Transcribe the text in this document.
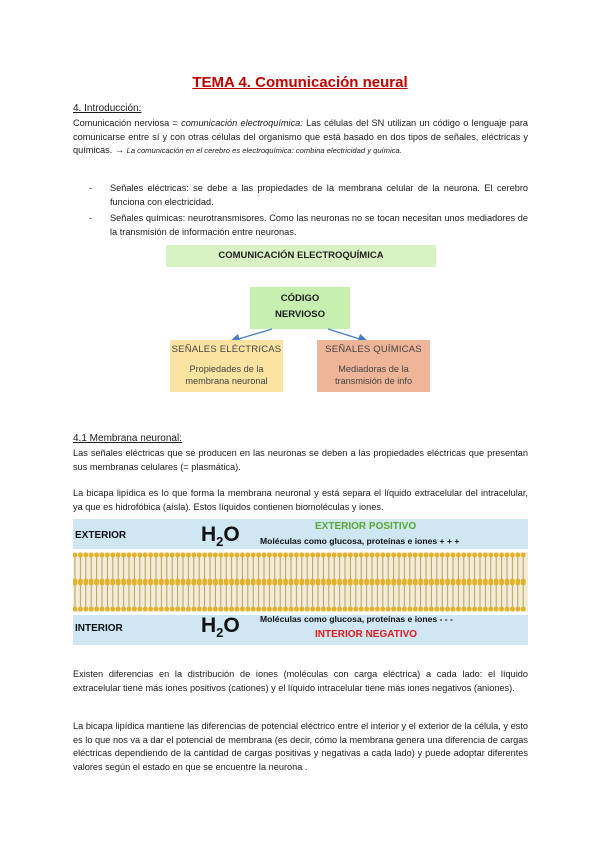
TEMA 4. Comunicación neural
4. Introducción:
Comunicación nerviosa = comunicación electroquímica: Las células del SN utilizan un código o lenguaje para comunicarse entre sí y con otras células del organismo que está basado en dos tipos de señales, eléctricas y químicas. → La comunicación en el cerebro es electroquímica: combina electricidad y química.
- Señales eléctricas: se debe a las propiedades de la membrana celular de la neurona. El cerebro funciona con electricidad.
- Señales químicas: neurotransmisores. Como las neuronas no se tocan necesitan unos mediadores de la transmisión de información entre neuronas.
COMUNICACIÓN ELECTROQUÍMICA
CÓDIGO
NERVIOSO
SEÑALES ELÉCTRICAS
Propiedades de la
membrana neuronal
SEÑALES QUÍMICAS
Mediadoras de la
transmisión de info
4.1 Membrana neuronal:
Las señales eléctricas que se producen en las neuronas se deben a las propiedades eléctricas que presentan sus membranas celulares (= plasmática).
La bicapa lipídica es lo que forma la membrana neuronal y está separa el líquido extracelular del intracelular, ya que es hidrofóbica (aísla). Estos líquidos contienen biomoléculas y iones.
EXTERIOR	$H_2O$	EXTERIOR POSITIVO
Moléculas como glucosa, proteínas e iones + + +
INTERIOR	$H_2O$ Moléculas como glucosa, proteínas e iones - - -
INTERIOR NEGATIVO
Existen diferencias en la distribución de iones (moléculas con carga eléctrica) a cada lado: el líquido extracelular tiene más iones positivos (cationes) y el líquido intracelular tiene más iones negativos (aniones).
La bicapa lipídica mantiene las diferencias de potencial eléctrico entre el interior y el exterior de la célula, y esto es lo que nos va a dar el potencial de membrana (es decir, cómo la membrana genera una diferencia de cargas eléctricas dependiendo de la cantidad de cargas positivas y negativas a cada lado) y puede adoptar diferentes valores según el estado en que se encuentre la neurona .
